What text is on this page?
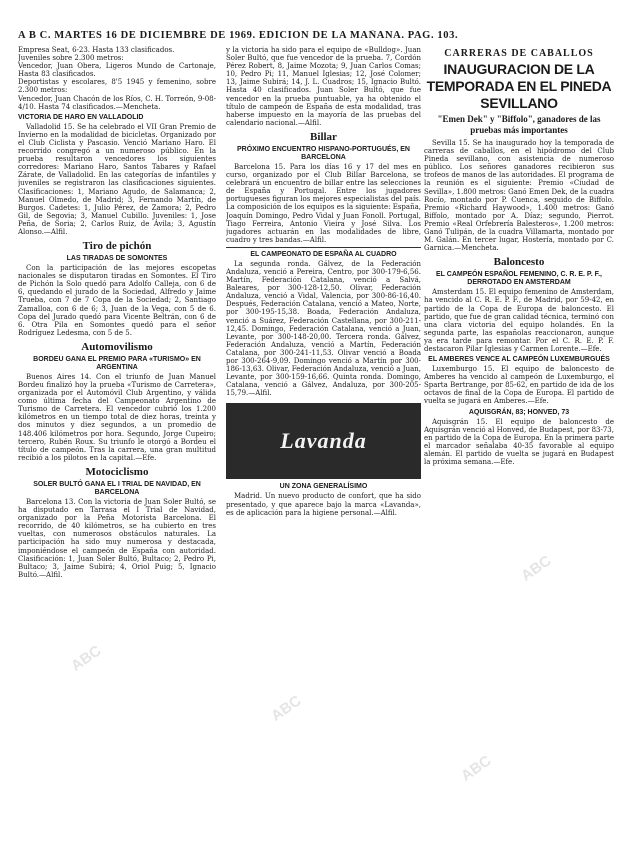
A B C. MARTES 16 DE DICIEMBRE DE 1969. EDICION DE LA MAÑANA. PAG. 103.

Empresa Seat, 6-23. Hasta 133 clasificados.

Juveniles sobre 2.300 metros:

Vencedor, Juan Obera, Ligeros Mundo de Cartonaje, Hasta 83 clasificados.

Deportistas y escolares, 8'5 1945 y femenino, sobre 2.300 metros:

Vencedor, Juan Chacón de los Ríos, C. H. Torreón, 9-08-4/10. Hasta 74 clasificados.—Mencheta.

VICTORIA DE HARO EN VALLADOLID

Valladolid 15. Se ha celebrado el VII Gran Premio de Invierno en la modalidad de bicicletas. Organizado por el Club Ciclista y Pascasio. Venció Mariano Haro. El recorrido congregó a un numeroso público. En la prueba resultaron vencedores los siguientes corredores: Mariano Haro, Santos Tabares y Rafael Zárate, de Valladolid. En las categorías de infantiles y juveniles se registraron las clasificaciones siguientes. Clasificaciones: 1, Mariano Agudo, de Salamanca; 2, Manuel Olmedo, de Madrid; 3, Fernando Martín, de Burgos. Cadetes: 1, Julio Pérez, de Zamora; 2, Pedro Gil, de Segovia; 3, Manuel Cubillo. Juveniles: 1, Jose Peña, de Soria; 2, Carlos Ruiz, de Ávila; 3, Agustín Alonso.—Alfil.

Tiro de pichón
LAS TIRADAS DE SOMONTES

Con la participación de las mejores escopetas nacionales se disputaron tiradas en Somontes. El Tiro de Pichón la Solo quedó para Adolfo Calleja, con 6 de 6, quedando el jurado de la Sociedad, Alfredo y Jaime Trueba, con 7 de 7 Copa de la Sociedad; 2, Santiago Zamalloa, con 6 de 6; 3, Juan de la Vega, con 5 de 6. Copa del Jurado quedó para Vicente Beltrán, con 6 de 6. Otra Pila en Somontes quedó para el señor Rodríguez Ledesma, con 5 de 5.

Automovilismo
BORDEU GANA EL PREMIO PARA «TURISMO» EN ARGENTINA

Buenos Aires 14. Con el triunfo de Juan Manuel Bordeu finalizó hoy la prueba «Turismo de Carretera», organizada por el Automóvil Club Argentino, y válida como última fecha del Campeonato Argentino de Turismo de Carretera. El vencedor cubrió los 1.200 kilómetros en un tiempo total de diez horas, treinta y dos minutos y diez segundos, a un promedio de 148.406 kilómetros por hora. Segundo, Jorge Cupeiro; tercero, Rubén Roux. Su triunfo le otorgó a Bordeu el título de campeón. Tras la carrera, una gran multitud recibió a los pilotos en la capital.—Efe.

Motociclismo
SOLER BULTÓ GANA EL I TRIAL DE NAVIDAD, EN BARCELONA

Barcelona 13. Con la victoria de Juan Soler Bultó, se ha disputado en Tarrasa el I Trial de Navidad, organizado por la Peña Motorista Barcelona. El recorrido, de 40 kilómetros, se ha cubierto en tres vueltas, con numerosos obstáculos naturales. La participación ha sido muy numerosa y destacada, imponiéndose el campeón de España con autoridad. Clasificación: 1, Juan Soler Bultó, Bultaco; 2, Pedro Pi, Bultaco; 3, Jaime Subirá; 4, Oriol Puig; 5, Ignacio Bultó.—Alfil.

y la victoria ha sido para el equipo de «Bulldog». Juan Soler Bultó, que fue vencedor de la prueba. 7, Cordón Pérez Robert, 8, Jaime Mozota; 9, Juan Carlos Comas; 10, Pedro Pi; 11, Manuel Iglesias; 12, José Colomer; 13, Jaime Subirá; 14, J. L. Cuadros; 15, Ignacio Bultó. Hasta 40 clasificados. Juan Soler Bultó, que fue vencedor en la prueba puntuable, ya ha obtenido el título de campeón de España de esta modalidad, tras haberse impuesto en la mayoría de las pruebas del calendario nacional.—Alfil.

Billar
PRÓXIMO ENCUENTRO HISPANO-PORTUGUÉS, EN BARCELONA

Barcelona 15. Para los días 16 y 17 del mes en curso, organizado por el Club Billar Barcelona, se celebrará un encuentro de billar entre las selecciones de España y Portugal. Entre los jugadores portugueses figuran los mejores especialistas del país. La composición de los equipos es la siguiente: España, Joaquín Domingo, Pedro Vidal y Juan Fonoll. Portugal, Tiago Ferreira, Antonio Vieira y José Silva. Los jugadores actuarán en las modalidades de libre, cuadro y tres bandas.—Alfil.

EL CAMPEONATO DE ESPAÑA AL CUADRO

La segunda ronda. Gálvez, de la Federación Andaluza, venció a Pereira, Centro, por 300-179-6,56. Martín, Federación Catalana, venció a Salvá, Baleares, por 300-128-12,50. Olivar, Federación Andaluza, venció a Vidal, Valencia, por 300-86-16,40. Después, Federación Catalana, venció a Mateo, Norte, por 300-195-15,38. Boada, Federación Andaluza, venció a Suárez, Federación Castellana, por 300-211-12,45. Domingo, Federación Catalana, venció a Juan, Levante, por 300-148-20,00. Tercera ronda. Gálvez, Federación Andaluza, venció a Martín, Federación Catalana, por 300-241-11,53. Olivar venció a Boada por 300-264-9,09. Domingo venció a Martín por 300-186-13,63. Olivar, Federación Andaluza, venció a Juan, Levante, por 300-159-16,66. Quinta ronda. Domingo, Catalana, venció a Gálvez, Andaluza, por 300-205-15,79.—Alfil.

Lavanda
UN ZONA GENERALÍSIMO

Madrid. Un nuevo producto de confort, que ha sido presentado, y que aparece bajo la marca «Lavanda», es de aplicación para la higiene personal.—Alfil.

CARRERAS DE CABALLOS
INAUGURACION DE LA TEMPORADA EN EL PINEDA SEVILLANO
"Emen Dek" y "Biffolo", ganadores de las pruebas más importantes

Sevilla 15. Se ha inaugurado hoy la temporada de carreras de caballos, en el hipódromo del Club Pineda sevillano, con asistencia de numeroso público. Los señores ganadores recibieron sus trofeos de manos de las autoridades. El programa de la reunión es el siguiente: Premio «Ciudad de Sevilla», 1.800 metros: Ganó Emen Dek, de la cuadra Rocío, montado por P. Cuenca, seguido de Biffolo. Premio «Richard Haywood», 1.400 metros: Ganó Biffolo, montado por A. Díaz; segundo, Pierrot. Premio «Real Orfebrería Balesteros», 1.200 metros: Ganó Tulipán, de la cuadra Villamarta, montado por M. Galán. En tercer lugar, Hostería, montado por C. Garnica.—Mencheta.

Baloncesto
EL CAMPEÓN ESPAÑOL FEMENINO, C. R. E. P. F., DERROTADO EN AMSTERDAM

Amsterdam 15. El equipo femenino de Amsterdam, ha vencido al C. R. E. P. F., de Madrid, por 59-42, en partido de la Copa de Europa de baloncesto. El partido, que fue de gran calidad técnica, terminó con una clara victoria del equipo holandés. En la segunda parte, las españolas reaccionaron, aunque ya era tarde para remontar. Por el C. R. E. P. F. destacaron Pilar Iglesias y Carmen Lorente.—Efe.

EL AMBERES VENCE AL CAMPEÓN LUXEMBURGUÉS

Luxemburgo 15. El equipo de baloncesto de Amberes ha vencido al campeón de Luxemburgo, el Sparta Bertrange, por 85-62, en partido de ida de los octavos de final de la Copa de Europa. El partido de vuelta se jugará en Amberes.—Efe.

AQUISGRÁN, 83; HONVED, 73

Aquisgrán 15. El equipo de baloncesto de Aquisgrán venció al Honved, de Budapest, por 83-73, en partido de la Copa de Europa. En la primera parte el marcador señalaba 40-35 favorable al equipo alemán. El partido de vuelta se jugará en Budapest la próxima semana.—Efe.

ABC
ABC
ABC
ABC
